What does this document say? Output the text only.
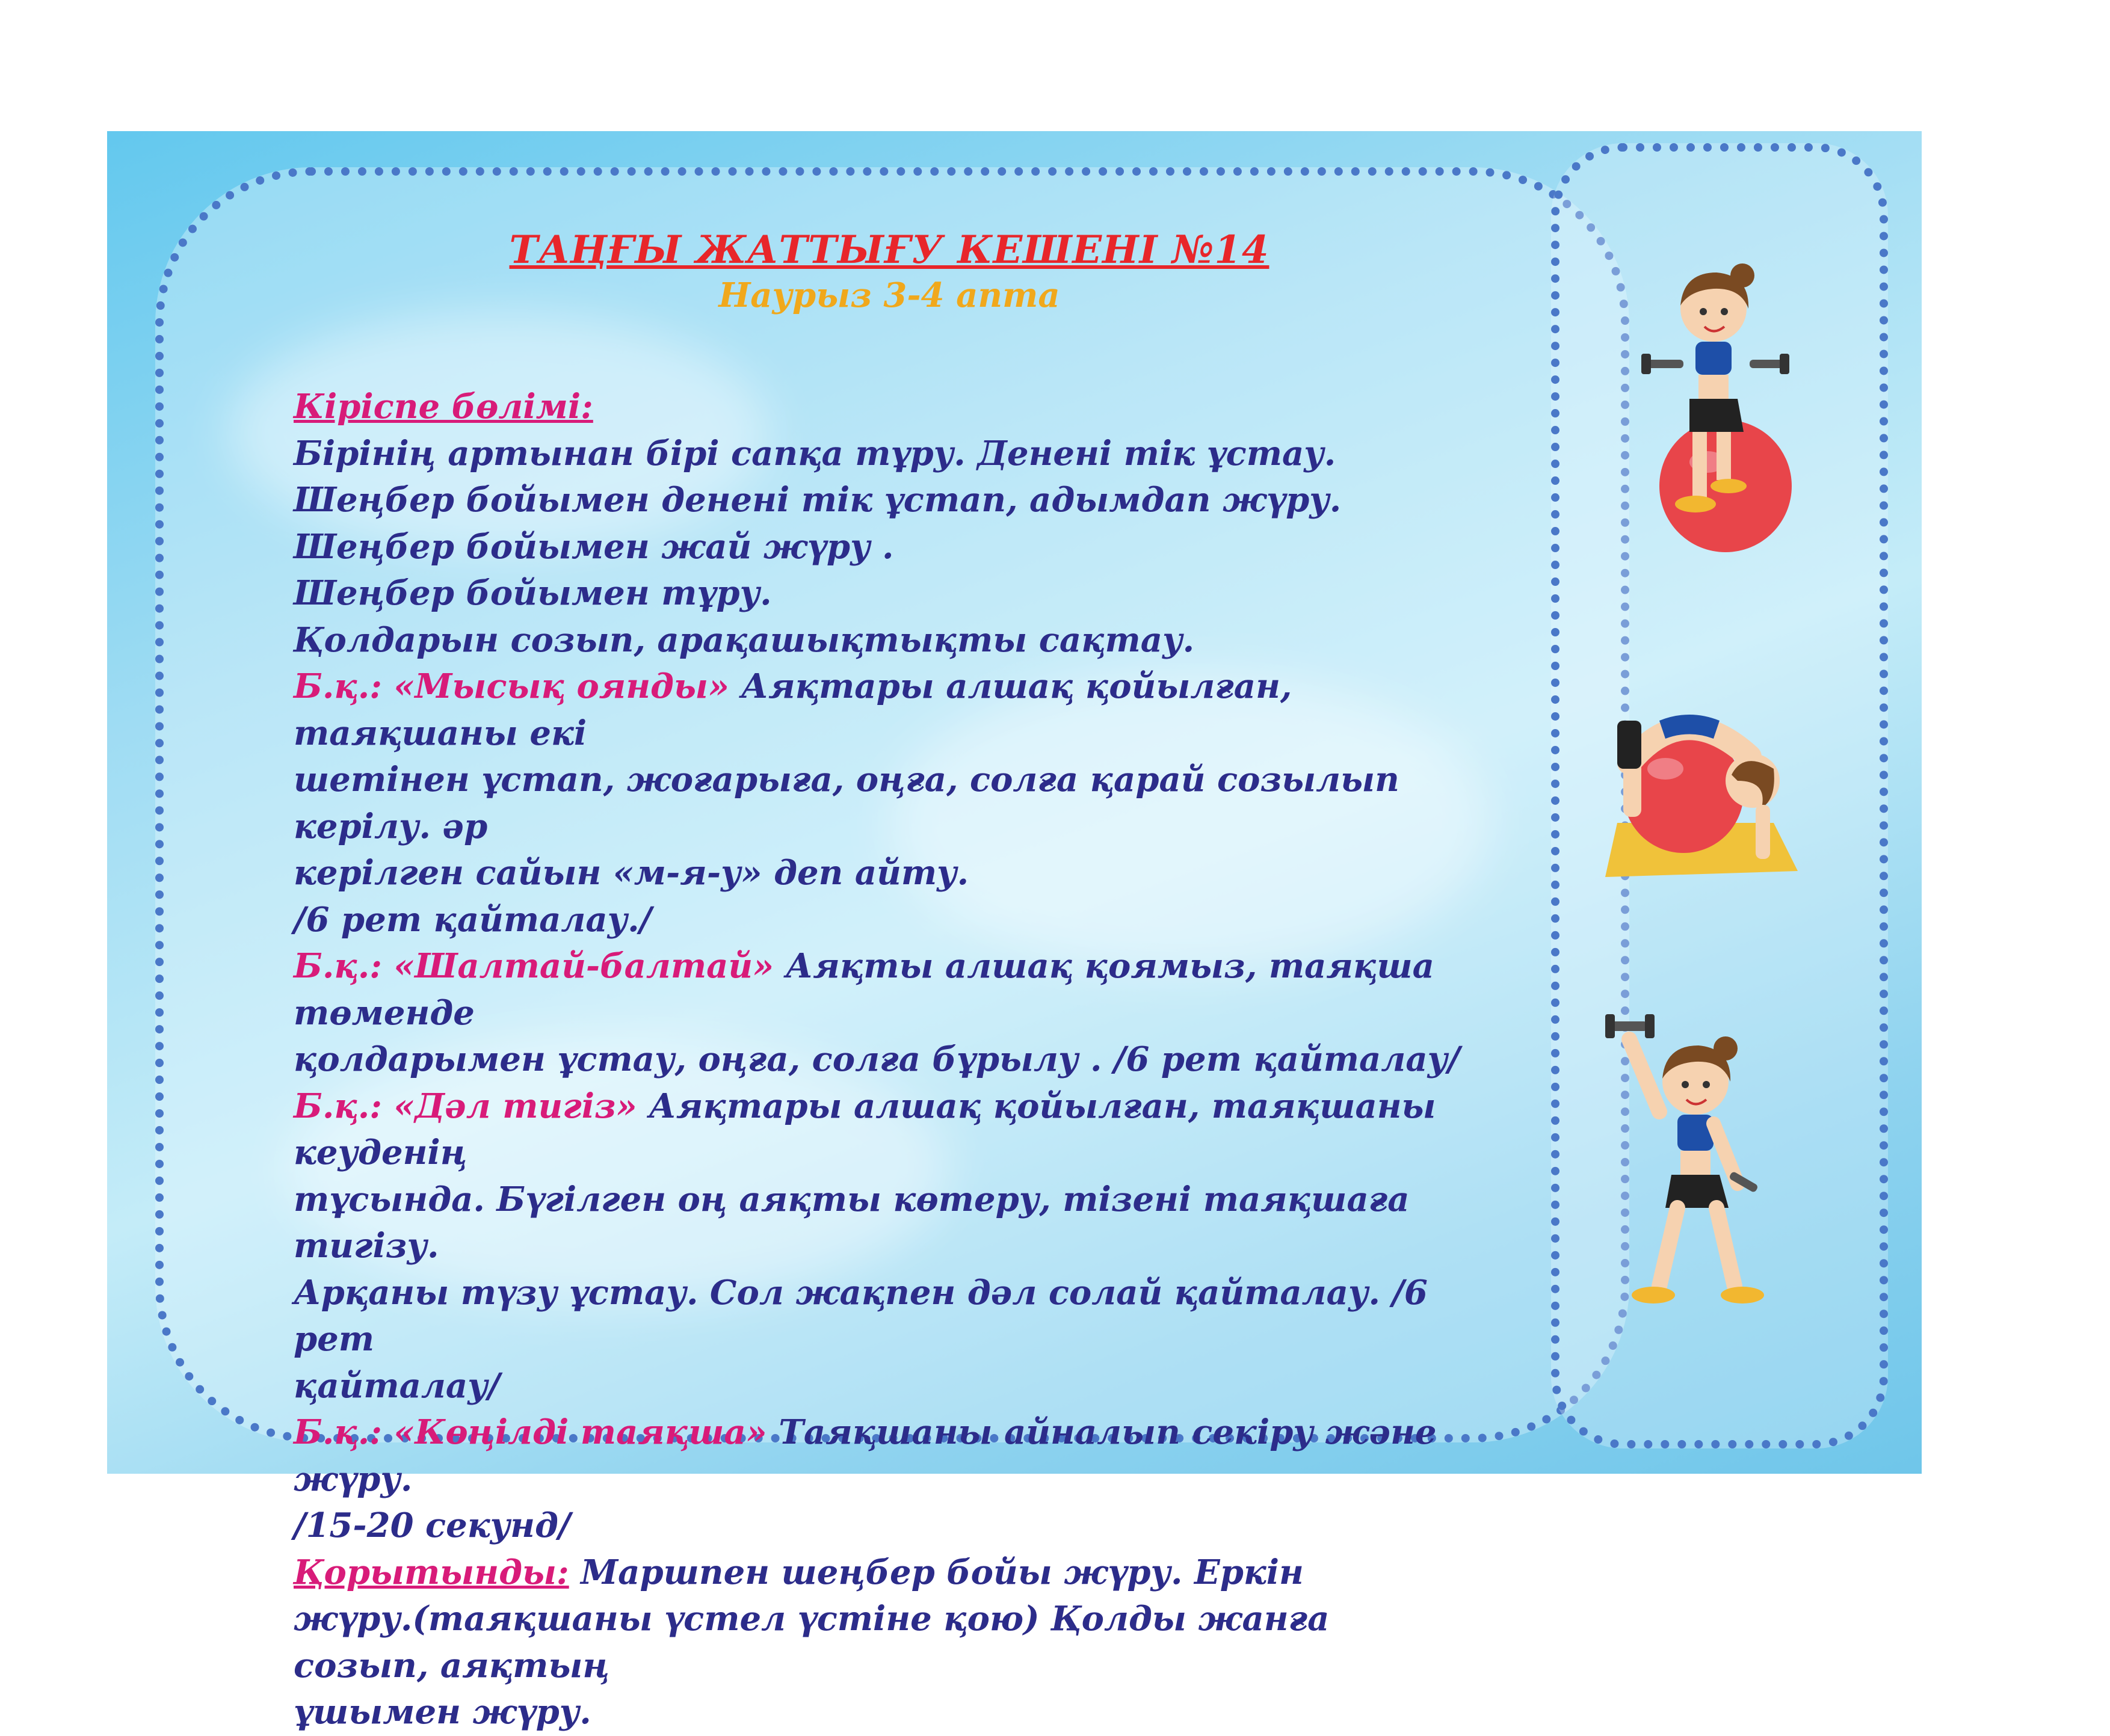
ТАҢҒЫ ЖАТТЫҒУ КЕШЕНІ №14
Наурыз 3-4 апта

Кіріспе бөлімі:

Бірінің артынан бірі сапқа тұру. Денені тік ұстау.

Шеңбер бойымен денені тік ұстап, адымдап жүру.

Шеңбер бойымен жай жүру .

Шеңбер бойымен тұру.

Қолдарын созып, арақашықтықты сақтау.

Б.қ.: «Мысық оянды» Аяқтары алшақ қойылған, таяқшаны екі

шетінен ұстап, жоғарыға, оңға, солға қарай созылып керілу. әр

керілген сайын «м-я-у» деп айту.

/6 рет қайталау./

Б.қ.: «Шалтай-балтай» Аяқты алшақ қоямыз, таяқша төменде

қолдарымен ұстау, оңға, солға бұрылу . /6 рет қайталау/

Б.қ.: «Дәл тигіз» Аяқтары алшақ қойылған, таяқшаны кеуденің

тұсында. Бүгілген оң аяқты көтеру, тізені таяқшаға тигізу.

Арқаны түзу ұстау. Сол жақпен дәл солай қайталау. /6 рет

қайталау/

Б.қ.: «Көңілді таяқша» Таяқшаны айналып секіру және жүру.

/15-20 секунд/

Қорытынды: Маршпен шеңбер бойы жүру. Еркін

жүру.(таяқшаны үстел үстіне қою) Қолды жанға созып, аяқтың

ұшымен жүру.
